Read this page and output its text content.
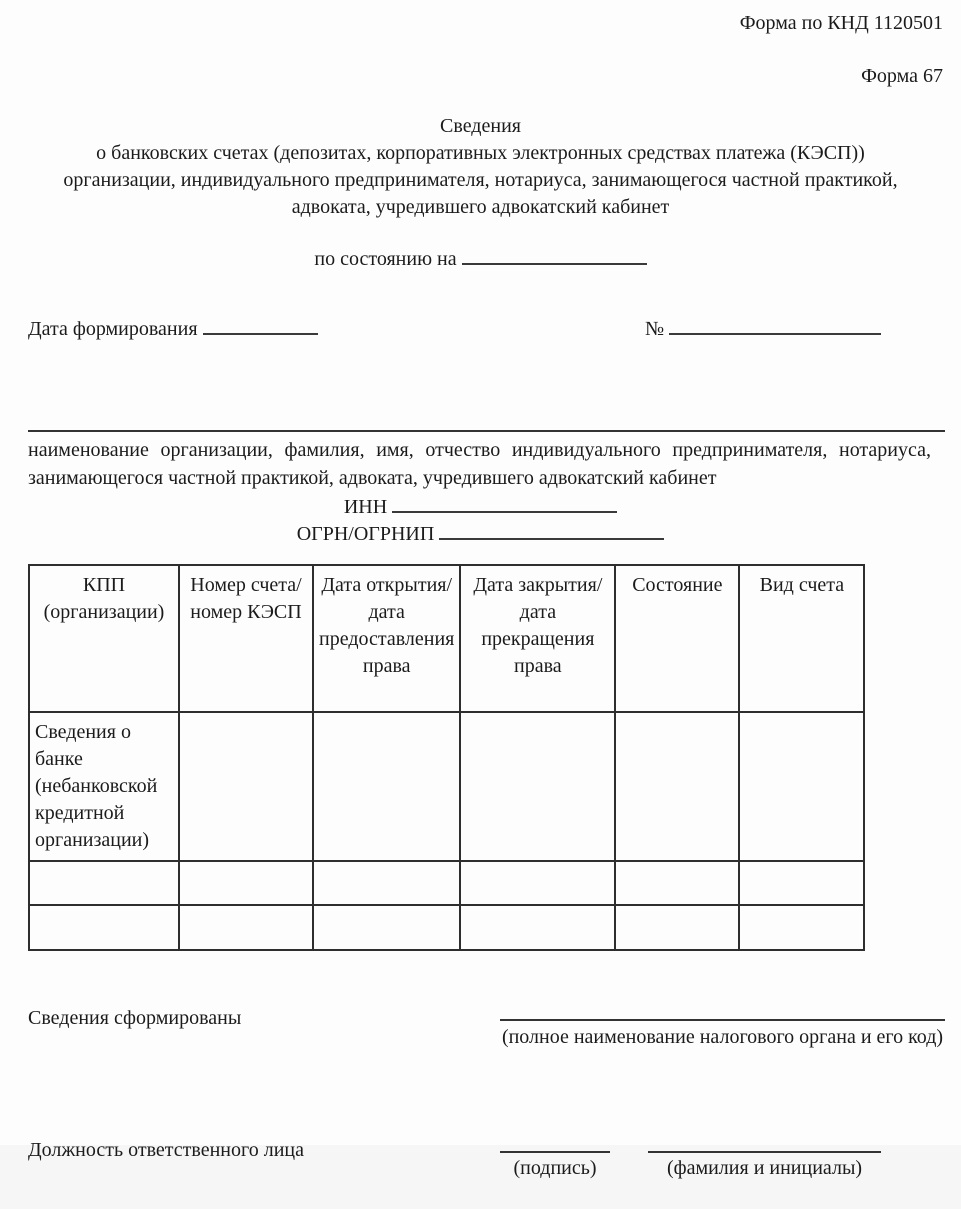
Форма по КНД 1120501
Форма 67
Сведения
о банковских счетах (депозитах, корпоративных электронных средствах платежа (КЭСП))
организации, индивидуального предпринимателя, нотариуса, занимающегося частной практикой,
адвоката, учредившего адвокатский кабинет
по состоянию на
Дата формирования	№
наименование организации, фамилия, имя, отчество индивидуального предпринимателя, нотариуса, занимающегося частной практикой, адвоката, учредившего адвокатский кабинет
ИНН
ОГРН/ОГРНИП
КПП (организации)	Номер счета/номер КЭСП	Дата открытия/дата предоставления права	Дата закрытия/дата прекращения права	Состояние	Вид счета
Сведения о банке (небанковской кредитной организации)					

Сведения сформированы
(полное наименование налогового органа и его код)
Должность ответственного лица
(подпись)	(фамилия и инициалы)
